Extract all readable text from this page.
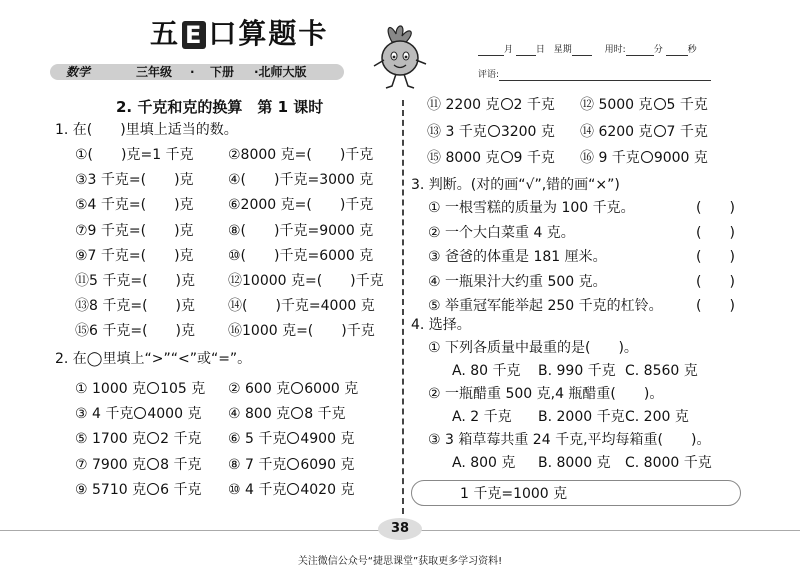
五 E 口算题卡
数学	三年级 · 下册 ·北师大版
月	日 星期	用时:	分	秒
评语:
2. 千克和克的换算　第 1 课时
1. 在(　　)里填上适当的数。
①(　　)克=1 千克 ②8000 克=(　　)千克
③3 千克=(　　)克 ④(　　)千克=3000 克
⑤4 千克=(　　)克 ⑥2000 克=(　　)千克
⑦9 千克=(　　)克 ⑧(　　)千克=9000 克
⑨7 千克=(　　)克 ⑩(　　)千克=6000 克
⑪5 千克=(　　)克 ⑫10000 克=(　　)千克
⑬8 千克=(　　)克 ⑭(　　)千克=4000 克
⑮6 千克=(　　)克 ⑯1000 克=(　　)千克
2. 在◯里填上“>”“<”或“=”。
① 1000 克 105 克 ② 600 克 6000 克
③ 4 千克 4000 克 ④ 800 克 8 千克
⑤ 1700 克 2 千克 ⑥ 5 千克 4900 克
⑦ 7900 克 8 千克 ⑧ 7 千克 6090 克
⑨ 5710 克 6 千克 ⑩ 4 千克 4020 克
⑪ 2200 克 2 千克 ⑫ 5000 克 5 千克
⑬ 3 千克 3200 克 ⑭ 6200 克 7 千克
⑮ 8000 克 9 千克 ⑯ 9 千克 9000 克
3. 判断。(对的画“√”,错的画“×”)
① 一根雪糕的质量为 100 千克。	(　　)
② 一个大白菜重 4 克。	(　　)
③ 爸爸的体重是 181 厘米。	(　　)
④ 一瓶果汁大约重 500 克。	(　　)
⑤ 举重冠军能举起 250 千克的杠铃。 (　　)
4. 选择。
① 下列各质量中最重的是(　　)。
A. 80 千克 B. 990 千克 C. 8560 克
② 一瓶醋重 500 克,4 瓶醋重(　　)。
A. 2 千克 B. 2000 千克 C. 200 克
③ 3 箱草莓共重 24 千克,平均每箱重(　　)。
A. 800 克 B. 8000 克 C. 8000 千克
1 千克=1000 克
38
关注微信公众号“捷思课堂”获取更多学习资料!
